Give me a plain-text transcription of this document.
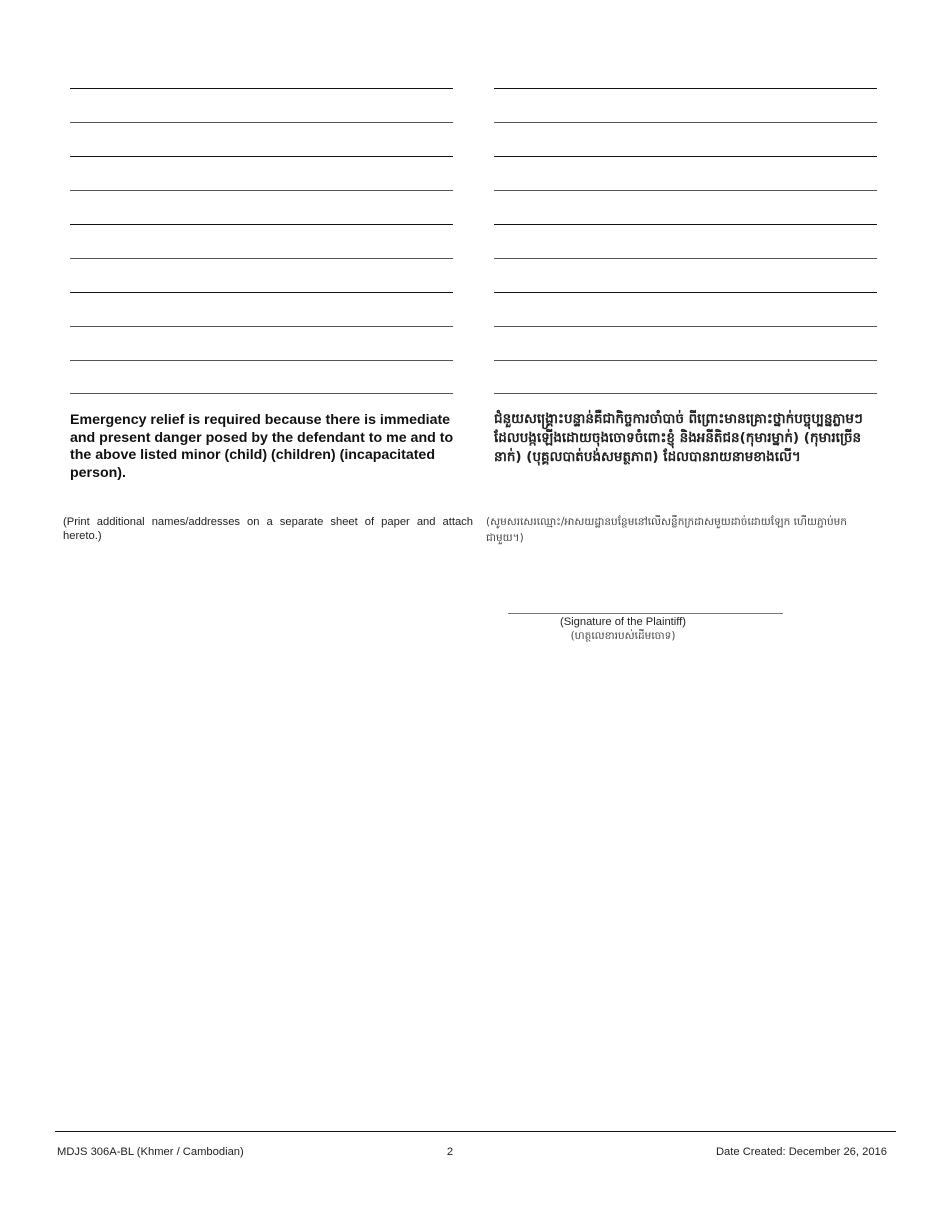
Emergency relief is required because there is immediate and present danger posed by the defendant to me and to the above listed minor (child) (children) (incapacitated person).
ជំនួយសង្គ្រោះបន្ទាន់គឺជាកិច្ចការចាំបាច់ ពីព្រោះមានគ្រោះថ្នាក់បច្ចុប្បន្នភ្លាមៗ ដែលបង្កឡើងដោយចុងចោទចំពោះខ្ញុំ និងអនីតិជន(កុមារម្នាក់) (កុមារច្រើននាក់) (បុគ្គលបាត់បង់សមត្ថភាព) ដែលបានរាយនាមខាងលើ។
(Print additional names/addresses on a separate sheet of paper and attach hereto.)
(សូមសរសេរឈ្មោះ/អាសយដ្ឋានបន្ថែមនៅលើសន្លឹកក្រដាសមួយដាច់ដោយឡែក ហើយភ្ជាប់មកជាមួយ។)
(Signature of the Plaintiff)
(ហត្ថលេខារបស់ដើមចោទ)
MDJS 306A-BL (Khmer / Cambodian)	2	Date Created: December 26, 2016
